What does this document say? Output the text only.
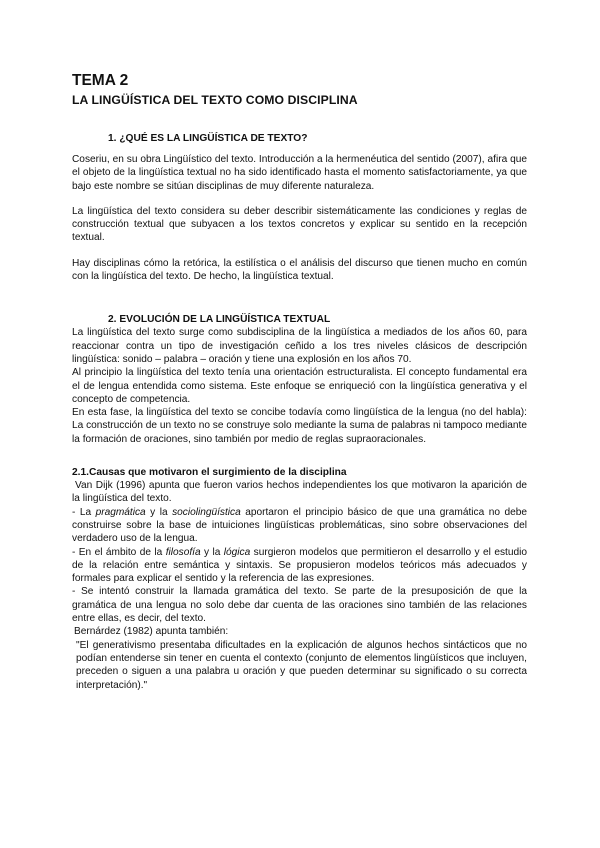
TEMA 2
LA LINGÜÍSTICA DEL TEXTO COMO DISCIPLINA
1. ¿QUÉ ES LA LINGÜÍSTICA DE TEXTO?

Coseriu, en su obra Lingüístico del texto. Introducción a la hermenéutica del sentido (2007), afira que el objeto de la lingüística textual no ha sido identificado hasta el momento satisfactoriamente, ya que bajo este nombre se sitúan disciplinas de muy diferente naturaleza.

La lingüística del texto considera su deber describir sistemáticamente las condiciones y reglas de construcción textual que subyacen a los textos concretos y explicar su sentido en la recepción textual.

Hay disciplinas cómo la retórica, la estilística o el análisis del discurso que tienen mucho en común con la lingüística del texto. De hecho, la lingüística textual.

2. EVOLUCIÓN DE LA LINGÜÍSTICA TEXTUAL

La lingüística del texto surge como subdisciplina de la lingüística a mediados de los años 60, para reaccionar contra un tipo de investigación ceñido a los tres niveles clásicos de descripción lingüística: sonido – palabra – oración y tiene una explosión en los años 70.

Al principio la lingüística del texto tenía una orientación estructuralista. El concepto fundamental era el de lengua entendida como sistema. Este enfoque se enriqueció con la lingüística generativa y el concepto de competencia.

En esta fase, la lingüística del texto se concibe todavía como lingüística de la lengua (no del habla): La construcción de un texto no se construye solo mediante la suma de palabras ni tampoco mediante la formación de oraciones, sino también por medio de reglas supraoracionales.

2.1.Causas que motivaron el surgimiento de la disciplina

Van Dijk (1996) apunta que fueron varios hechos independientes los que motivaron la aparición de la lingüística del texto.

- La pragmática y la sociolingüística aportaron el principio básico de que una gramática no debe construirse sobre la base de intuiciones lingüísticas problemáticas, sino sobre observaciones del verdadero uso de la lengua.

- En el ámbito de la filosofía y la lógica surgieron modelos que permitieron el desarrollo y el estudio de la relación entre semántica y sintaxis. Se propusieron modelos teóricos más adecuados y formales para explicar el sentido y la referencia de las expresiones.

- Se intentó construir la llamada gramática del texto. Se parte de la presuposición de que la gramática de una lengua no solo debe dar cuenta de las oraciones sino también de las relaciones entre ellas, es decir, del texto.

Bernárdez (1982) apunta también:

"El generativismo presentaba dificultades en la explicación de algunos hechos sintácticos que no podían entenderse sin tener en cuenta el contexto (conjunto de elementos lingüísticos que incluyen, preceden o siguen a una palabra u oración y que pueden determinar su significado o su correcta interpretación)."
